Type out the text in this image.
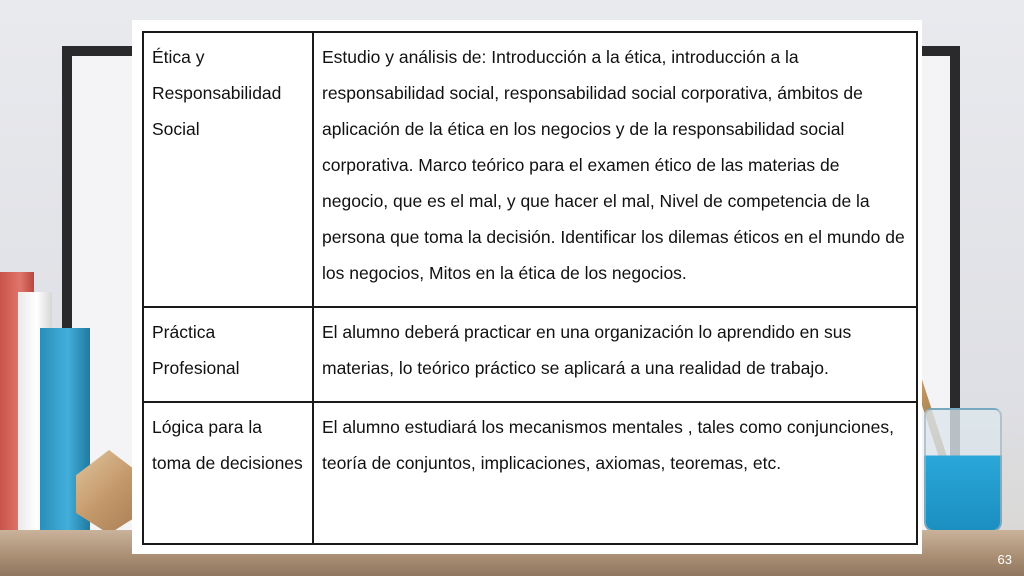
Ética y Responsabilidad Social	Estudio y análisis de: Introducción a la ética, introducción a la responsabilidad social, responsabilidad social corporativa, ámbitos de aplicación de la ética en los negocios y de la responsabilidad social corporativa. Marco teórico para el examen ético de las materias de negocio, que es el mal, y que hacer el mal, Nivel de competencia de la persona que toma la decisión. Identificar los dilemas éticos en el mundo de los negocios, Mitos en la ética de los negocios.
Práctica Profesional	El alumno deberá practicar en una organización lo aprendido en sus materias, lo teórico práctico se aplicará a una realidad de trabajo.
Lógica para la toma de decisiones	El alumno estudiará los mecanismos mentales , tales como conjunciones, teoría de conjuntos, implicaciones, axiomas, teoremas, etc.
63
